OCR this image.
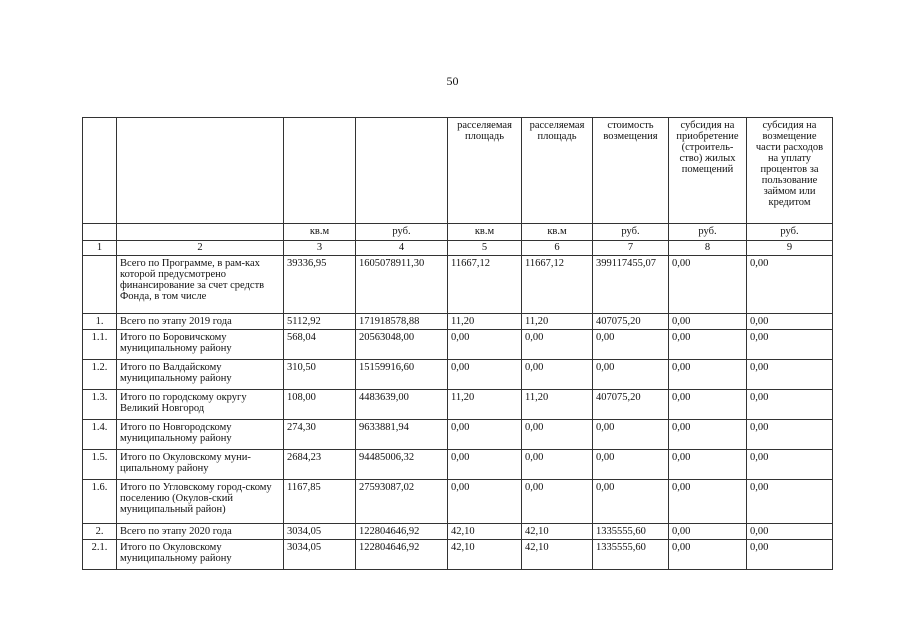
50
				расселяемая площадь	расселяемая площадь	стоимость возмещения	субсидия на приобретение (строитель-ство) жилых помещений	субсидия на возмещение части расходов на уплату процентов за пользование займом или кредитом
		кв.м	руб.	кв.м	кв.м	руб.	руб.	руб.
1	2	3	4	5	6	7	8	9
	Всего по Программе, в рам-ках которой предусмотрено финансирование за счет средств Фонда, в том числе	39336,95	1605078911,30	11667,12	11667,12	399117455,07	0,00	0,00
1.	Всего по этапу 2019 года	5112,92	171918578,88	11,20	11,20	407075,20	0,00	0,00
1.1.	Итого по Боровичскому муниципальному району	568,04	20563048,00	0,00	0,00	0,00	0,00	0,00
1.2.	Итого по Валдайскому муниципальному району	310,50	15159916,60	0,00	0,00	0,00	0,00	0,00
1.3.	Итого по городскому округу Великий Новгород	108,00	4483639,00	11,20	11,20	407075,20	0,00	0,00
1.4.	Итого по Новгородскому муниципальному району	274,30	9633881,94	0,00	0,00	0,00	0,00	0,00
1.5.	Итого по Окуловскому муни-ципальному району	2684,23	94485006,32	0,00	0,00	0,00	0,00	0,00
1.6.	Итого по Угловскому город-скому поселению (Окулов-ский муниципальный район)	1167,85	27593087,02	0,00	0,00	0,00	0,00	0,00
2.	Всего по этапу 2020 года	3034,05	122804646,92	42,10	42,10	1335555,60	0,00	0,00
2.1.	Итого по Окуловскому муниципальному району	3034,05	122804646,92	42,10	42,10	1335555,60	0,00	0,00
